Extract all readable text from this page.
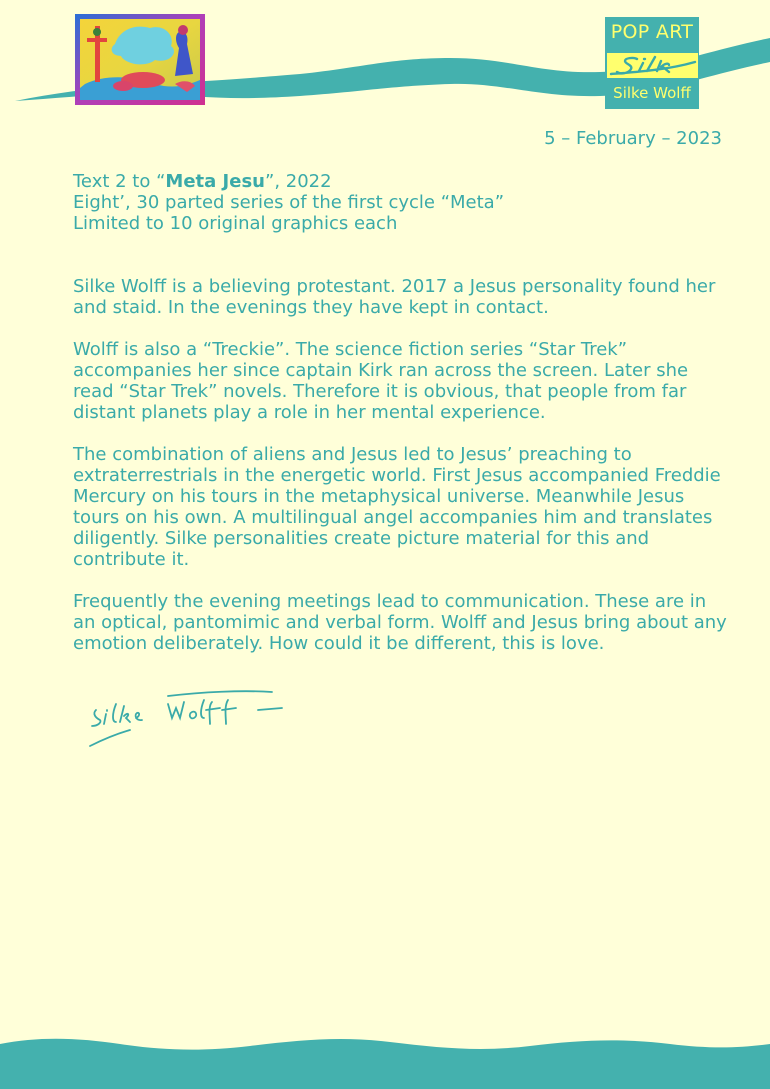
POP ART
Silke Wolff
5 – February – 2023
Text 2 to “Meta Jesu”, 2022
Eight’, 30 parted series of the first cycle “Meta”
Limited to 10 original graphics each

Silke Wolff is a believing protestant. 2017 a Jesus personality found her and staid. In the evenings they have kept in contact.

Wolff is also a “Treckie”. The science fiction series “Star Trek” accompanies her since captain Kirk ran across the screen. Later she read “Star Trek” novels. Therefore it is obvious, that people from far distant planets play a role in her mental experience.

The combination of aliens and Jesus led to Jesus’ preaching to extraterrestrials in the energetic world. First Jesus accompanied Freddie Mercury on his tours in the metaphysical universe. Meanwhile Jesus tours on his own. A multilingual angel accompanies him and translates diligently. Silke personalities create picture material for this and contribute it.

Frequently the evening meetings lead to communication. These are in an optical, pantomimic and verbal form. Wolff and Jesus bring about any emotion deliberately. How could it be different, this is love.
